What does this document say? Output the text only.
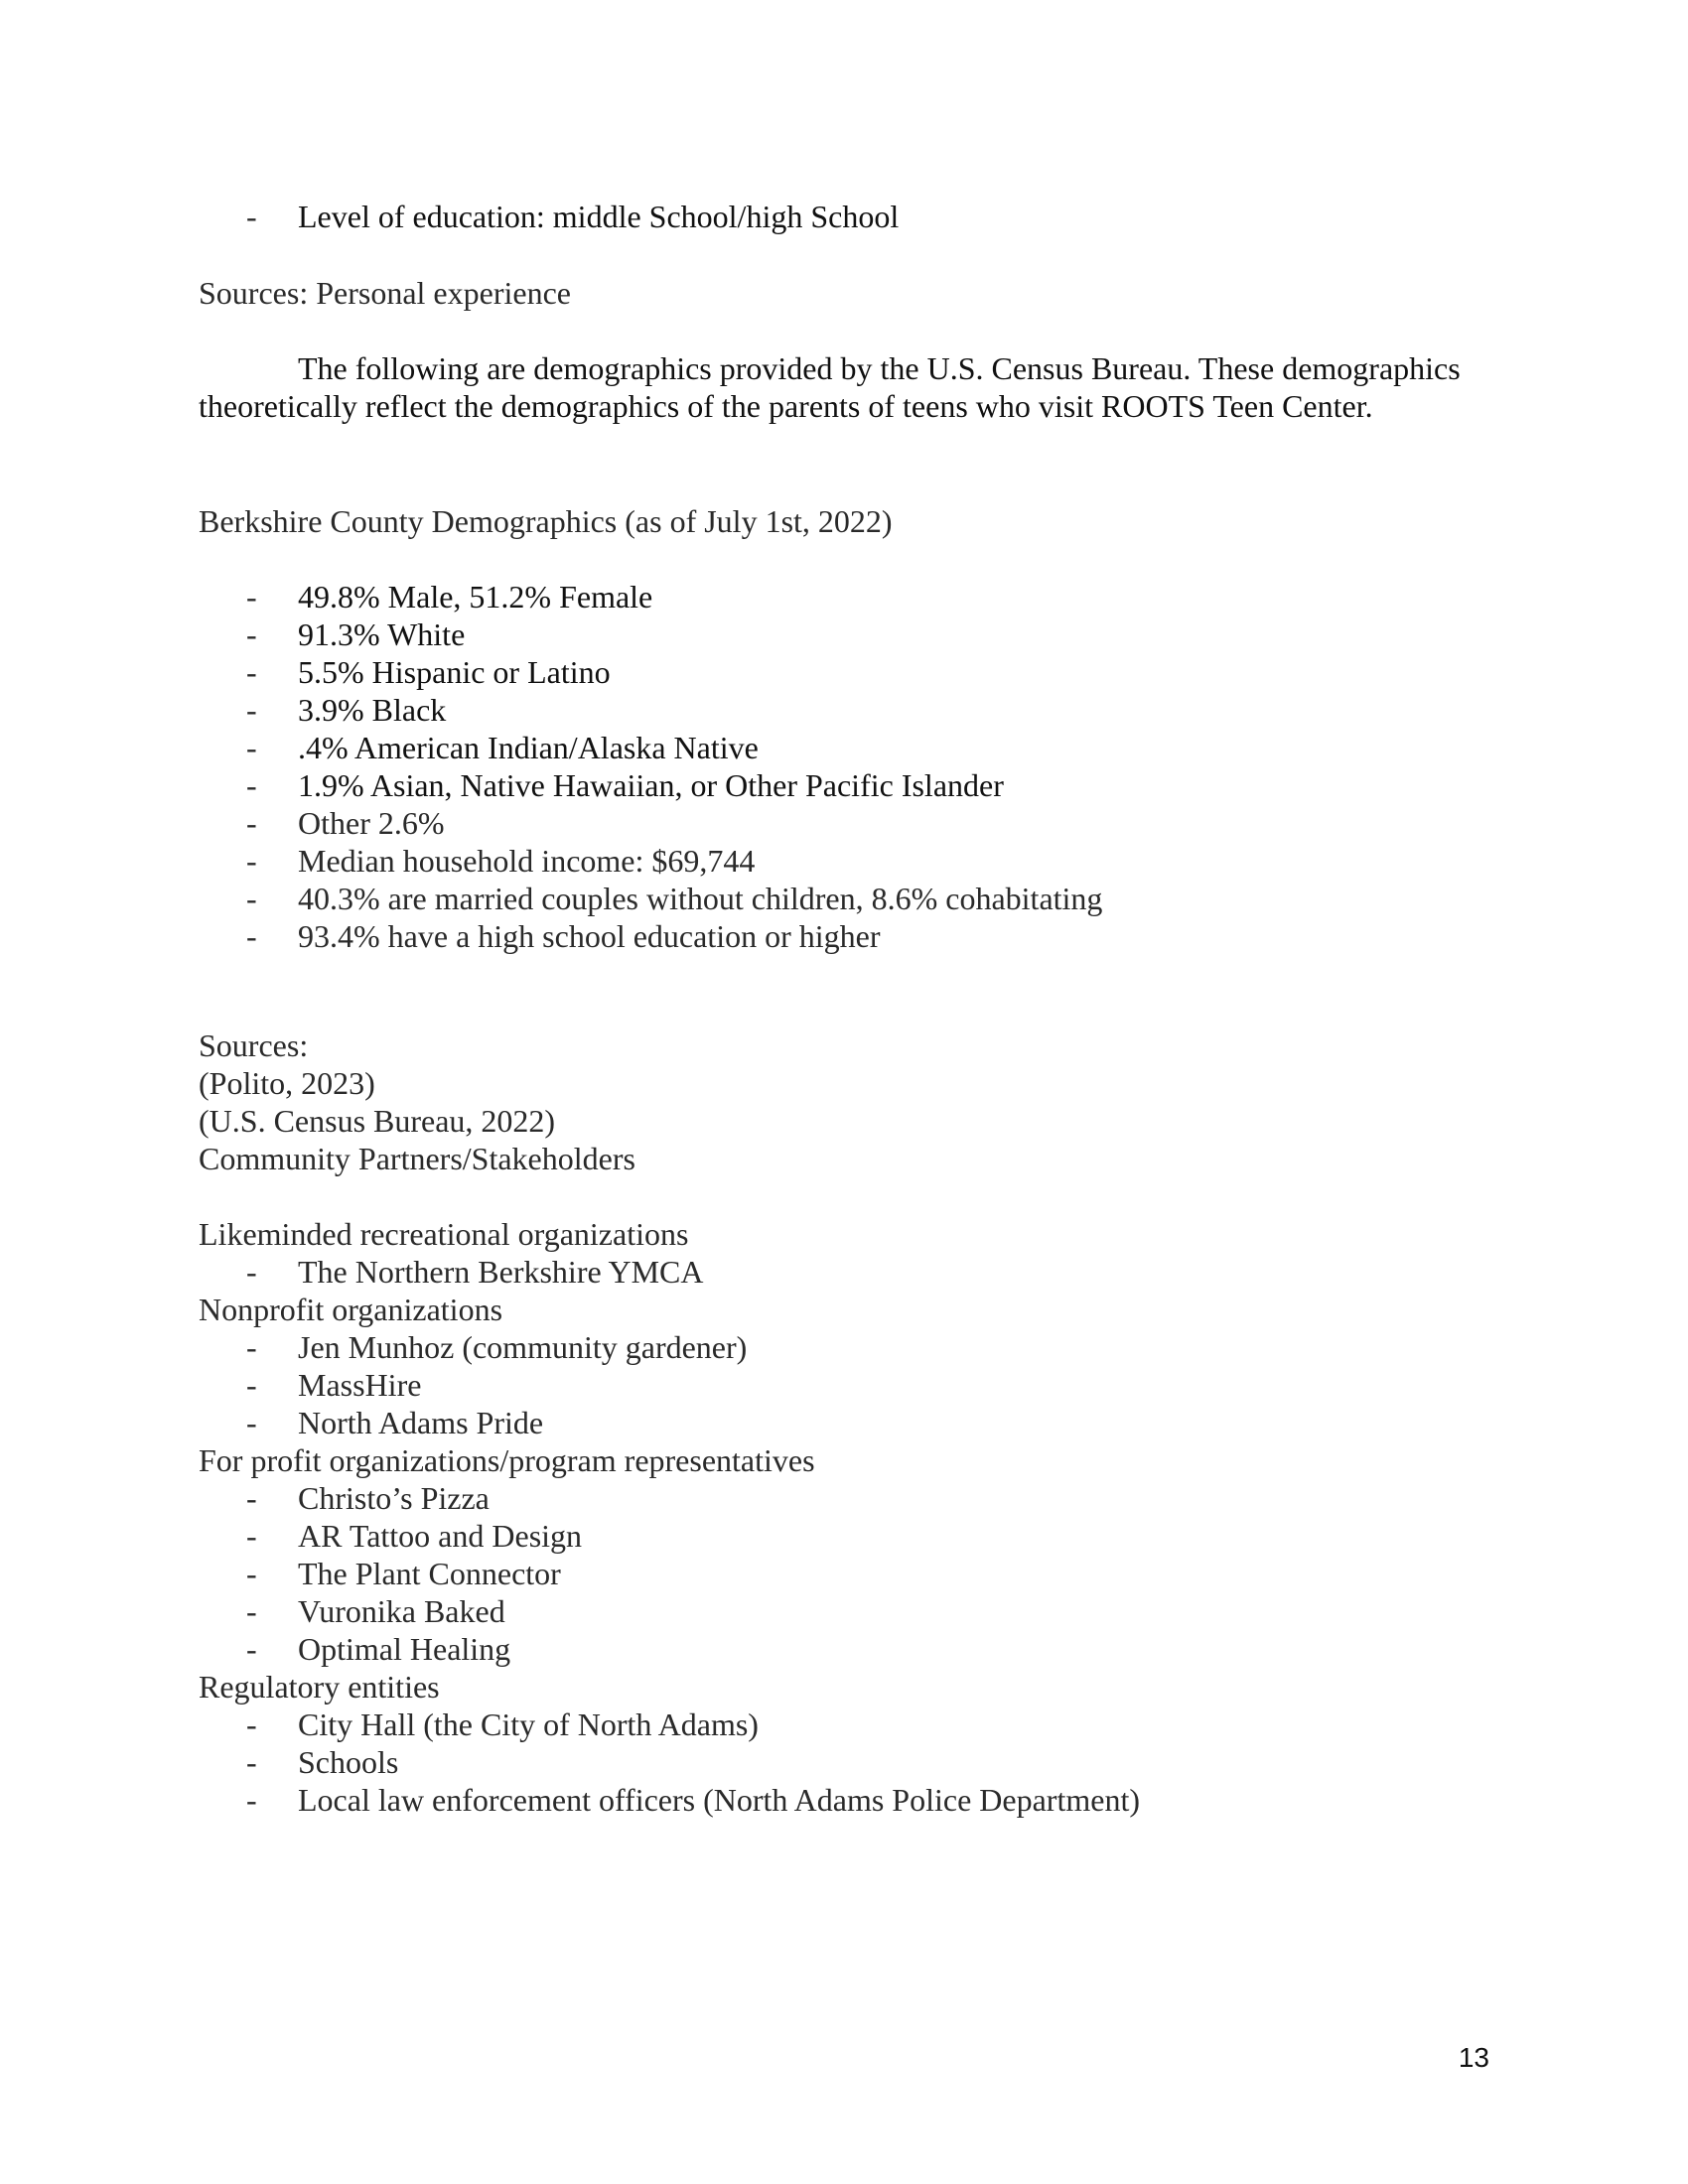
- Level of education: middle School/high School

Sources: Personal experience

The following are demographics provided by the U.S. Census Bureau. These demographics theoretically reflect the demographics of the parents of teens who visit ROOTS Teen Center.

Berkshire County Demographics (as of July 1st, 2022)

- 49.8% Male, 51.2% Female
- 91.3% White
- 5.5% Hispanic or Latino
- 3.9% Black
- .4% American Indian/Alaska Native
- 1.9% Asian, Native Hawaiian, or Other Pacific Islander
- Other 2.6%
- Median household income: $69,744
- 40.3% are married couples without children, 8.6% cohabitating
- 93.4% have a high school education or higher
Sources:
(Polito, 2023)
(U.S. Census Bureau, 2022)
Community Partners/Stakeholders
Likeminded recreational organizations
- The Northern Berkshire YMCA
Nonprofit organizations
- Jen Munhoz (community gardener)
- MassHire
- North Adams Pride
For profit organizations/program representatives
- Christo’s Pizza
- AR Tattoo and Design
- The Plant Connector
- Vuronika Baked
- Optimal Healing
Regulatory entities
- City Hall (the City of North Adams)
- Schools
- Local law enforcement officers (North Adams Police Department)
13
